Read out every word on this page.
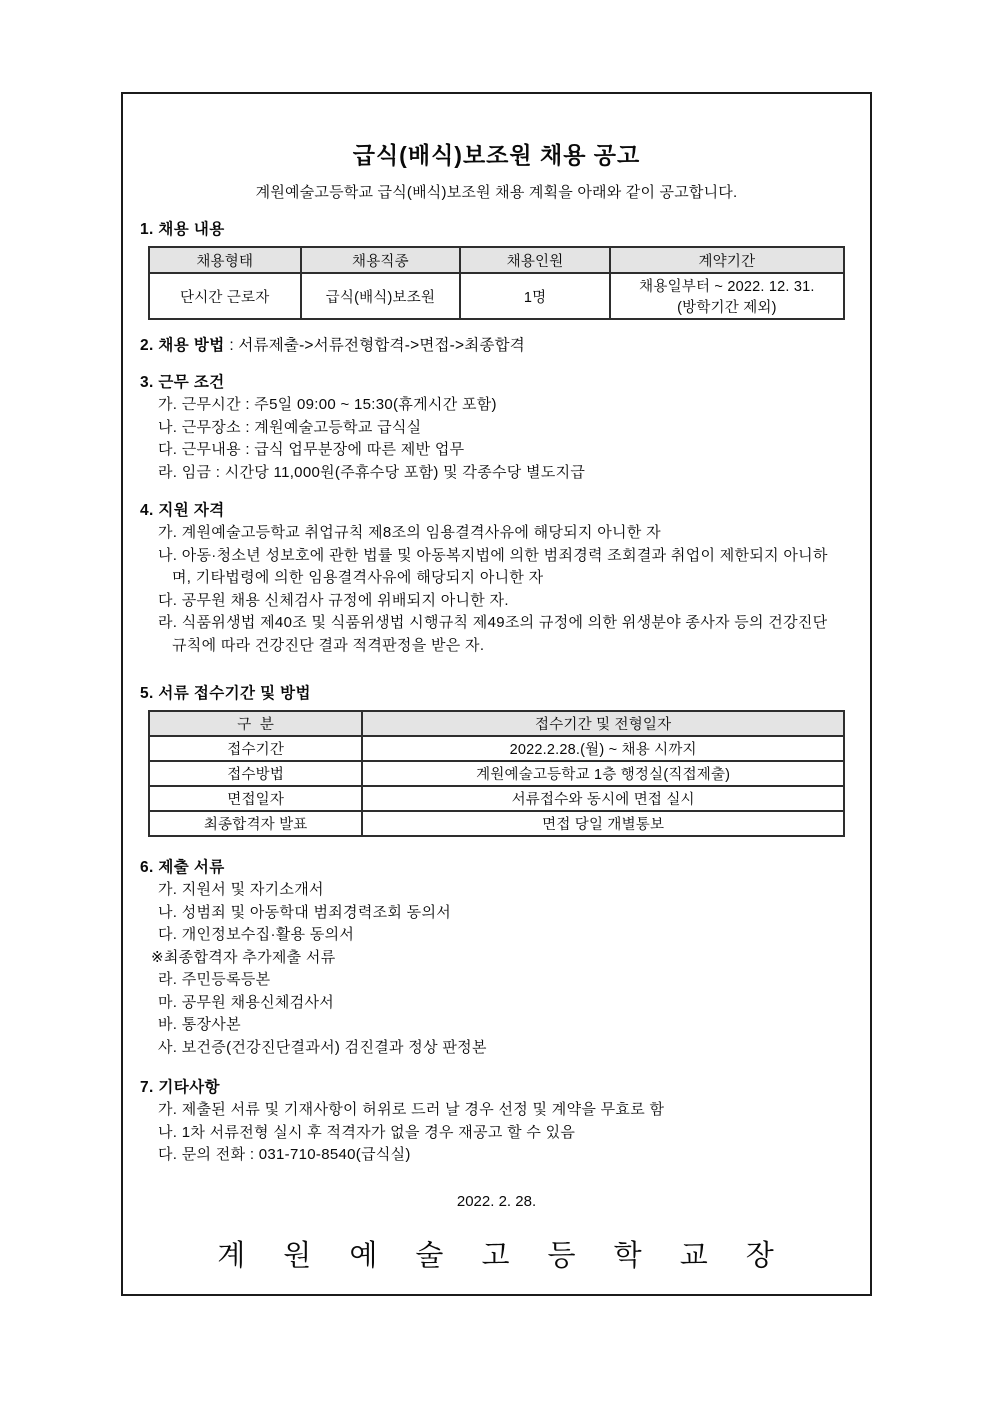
급식(배식)보조원 채용 공고
계원예술고등학교 급식(배식)보조원 채용 계획을 아래와 같이 공고합니다.
1. 채용 내용
채용형태	채용직종	채용인원	계약기간
단시간 근로자	급식(배식)보조원	1명	채용일부터 ~ 2022. 12. 31.
(방학기간 제외)
2. 채용 방법 : 서류제출->서류전형합격->면접->최종합격
3. 근무 조건
가. 근무시간 : 주5일 09:00 ~ 15:30(휴게시간 포함)
나. 근무장소 : 계원예술고등학교 급식실
다. 근무내용 : 급식 업무분장에 따른 제반 업무
라. 임금 : 시간당 11,000원(주휴수당 포함) 및 각종수당 별도지급
4. 지원 자격
가. 계원예술고등학교 취업규칙 제8조의 임용결격사유에 해당되지 아니한 자
나. 아동·청소년 성보호에 관한 법률 및 아동복지법에 의한 범죄경력 조회결과 취업이 제한되지 아니하며, 기타법령에 의한 임용결격사유에 해당되지 아니한 자
다. 공무원 채용 신체검사 규정에 위배되지 아니한 자.
라. 식품위생법 제40조 및 식품위생법 시행규칙 제49조의 규정에 의한 위생분야 종사자 등의 건강진단 규칙에 따라 건강진단 결과 적격판정을 받은 자.
5. 서류 접수기간 및 방법
구  분	접수기간 및 전형일자
접수기간	2022.2.28.(월) ~ 채용 시까지
접수방법	계원예술고등학교 1층 행정실(직접제출)
면접일자	서류접수와 동시에 면접 실시
최종합격자 발표	면접 당일 개별통보
6. 제출 서류
가. 지원서 및 자기소개서
나. 성범죄 및 아동학대 범죄경력조회 동의서
다. 개인정보수집·활용 동의서
※최종합격자 추가제출 서류
라. 주민등록등본
마. 공무원 채용신체검사서
바. 통장사본
사. 보건증(건강진단결과서) 검진결과 정상 판정본
7. 기타사항
가. 제출된 서류 및 기재사항이 허위로 드러 날 경우 선정 및 계약을 무효로 함
나. 1차 서류전형 실시 후 적격자가 없을 경우 재공고 할 수 있음
다. 문의 전화 : 031-710-8540(급식실)
2022. 2. 28.
계 원 예 술 고 등 학 교 장
